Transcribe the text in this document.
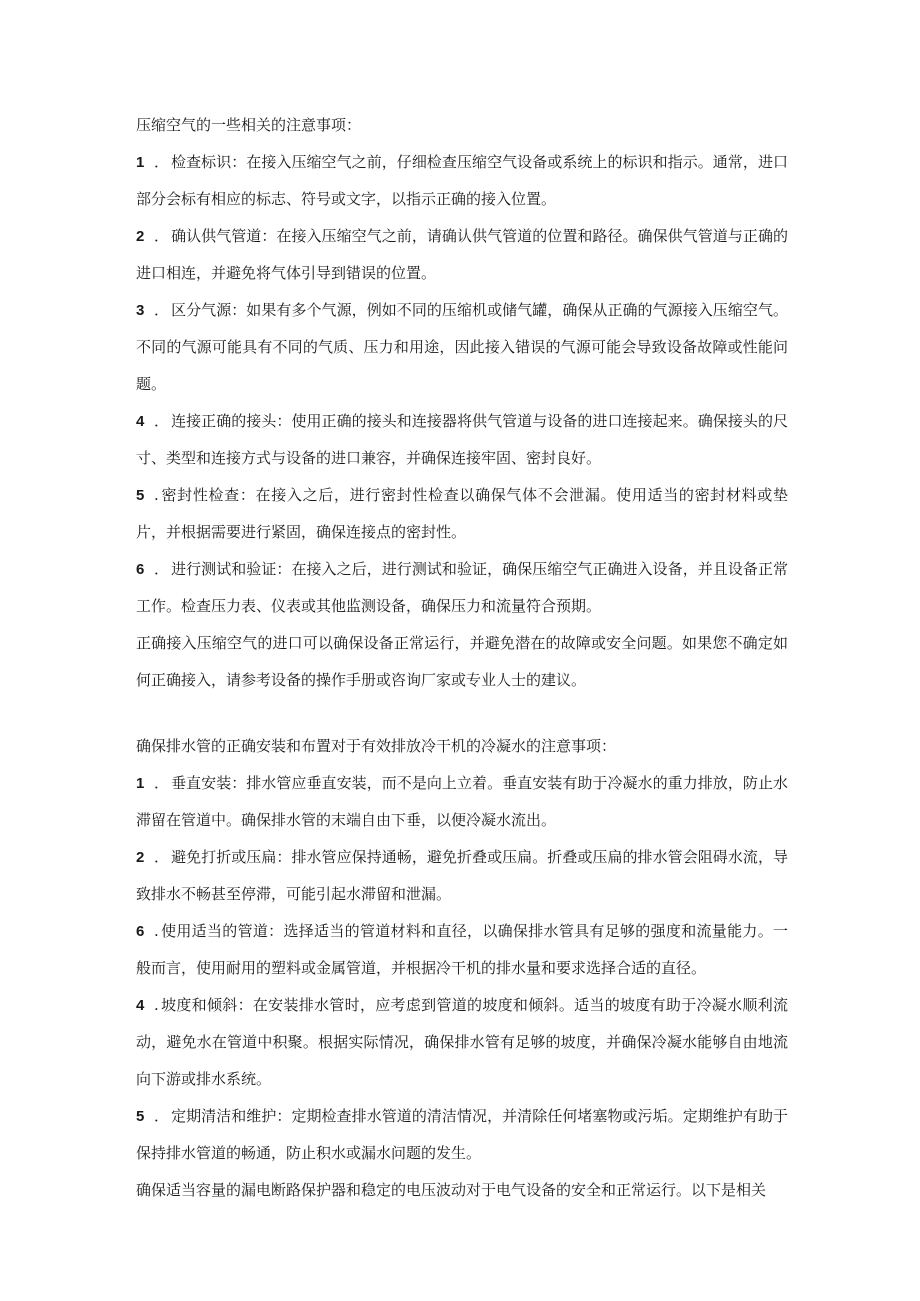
压缩空气的一些相关的注意事项：

1 ． 检查标识：在接入压缩空气之前，仔细检查压缩空气设备或系统上的标识和指示。通常，进口部分会标有相应的标志、符号或文字，以指示正确的接入位置。

2 ． 确认供气管道：在接入压缩空气之前，请确认供气管道的位置和路径。确保供气管道与正确的进口相连，并避免将气体引导到错误的位置。

3 ． 区分气源：如果有多个气源，例如不同的压缩机或储气罐，确保从正确的气源接入压缩空气。不同的气源可能具有不同的气质、压力和用途，因此接入错误的气源可能会导致设备故障或性能问题。

4 ． 连接正确的接头：使用正确的接头和连接器将供气管道与设备的进口连接起来。确保接头的尺寸、类型和连接方式与设备的进口兼容，并确保连接牢固、密封良好。

5 . 密封性检查：在接入之后，进行密封性检查以确保气体不会泄漏。使用适当的密封材料或垫片，并根据需要进行紧固，确保连接点的密封性。

6 ． 进行测试和验证：在接入之后，进行测试和验证，确保压缩空气正确进入设备，并且设备正常工作。检查压力表、仪表或其他监测设备，确保压力和流量符合预期。

正确接入压缩空气的进口可以确保设备正常运行，并避免潜在的故障或安全问题。如果您不确定如何正确接入，请参考设备的操作手册或咨询厂家或专业人士的建议。

确保排水管的正确安装和布置对于有效排放冷干机的冷凝水的注意事项：

1 ． 垂直安装：排水管应垂直安装，而不是向上立着。垂直安装有助于冷凝水的重力排放，防止水滞留在管道中。确保排水管的末端自由下垂，以便冷凝水流出。

2 ． 避免打折或压扁：排水管应保持通畅，避免折叠或压扁。折叠或压扁的排水管会阻碍水流，导致排水不畅甚至停滞，可能引起水滞留和泄漏。

6 . 使用适当的管道：选择适当的管道材料和直径，以确保排水管具有足够的强度和流量能力。一般而言，使用耐用的塑料或金属管道，并根据冷干机的排水量和要求选择合适的直径。

4 . 坡度和倾斜：在安装排水管时，应考虑到管道的坡度和倾斜。适当的坡度有助于冷凝水顺利流动，避免水在管道中积聚。根据实际情况，确保排水管有足够的坡度，并确保冷凝水能够自由地流向下游或排水系统。

5 ． 定期清洁和维护：定期检查排水管道的清洁情况，并清除任何堵塞物或污垢。定期维护有助于保持排水管道的畅通，防止积水或漏水问题的发生。

确保适当容量的漏电断路保护器和稳定的电压波动对于电气设备的安全和正常运行。以下是相关
